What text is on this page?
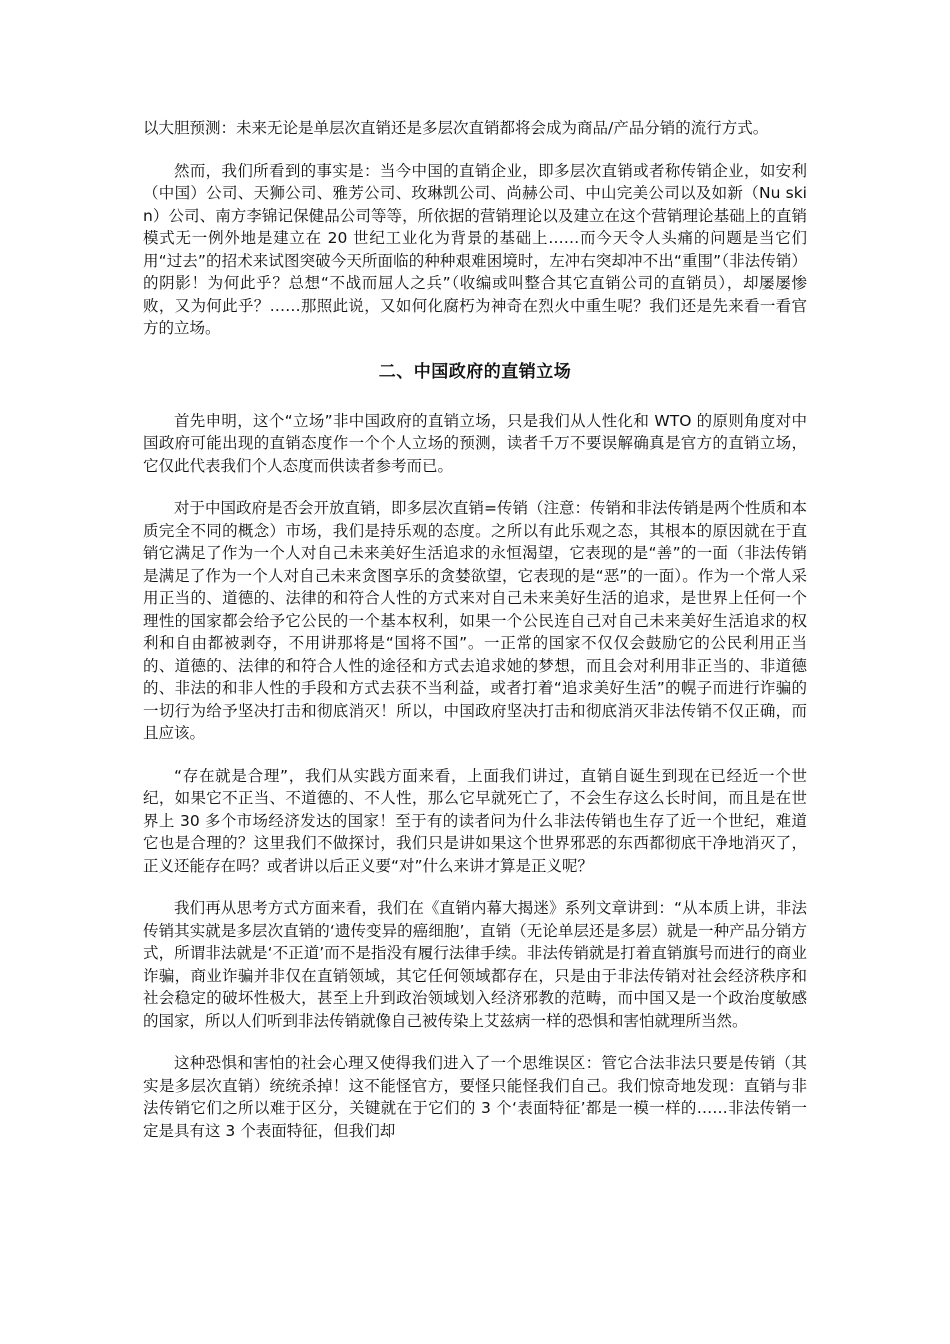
以大胆预测：未来无论是单层次直销还是多层次直销都将会成为商品/产品分销的流行方式。

然而，我们所看到的事实是：当今中国的直销企业，即多层次直销或者称传销企业，如安利（中国）公司、天狮公司、雅芳公司、玫琳凯公司、尚赫公司、中山完美公司以及如新（Nu skin）公司、南方李锦记保健品公司等等，所依据的营销理论以及建立在这个营销理论基础上的直销模式无一例外地是建立在 20 世纪工业化为背景的基础上……而今天令人头痛的问题是当它们用“过去”的招术来试图突破今天所面临的种种艰难困境时，左冲右突却冲不出“重围”（非法传销）的阴影！为何此乎？总想“不战而屈人之兵”（收编或叫整合其它直销公司的直销员），却屡屡惨败，又为何此乎？……那照此说，又如何化腐朽为神奇在烈火中重生呢？我们还是先来看一看官方的立场。

二、中国政府的直销立场

首先申明，这个“立场”非中国政府的直销立场，只是我们从人性化和 WTO 的原则角度对中国政府可能出现的直销态度作一个个人立场的预测，读者千万不要误解确真是官方的直销立场，它仅此代表我们个人态度而供读者参考而已。

对于中国政府是否会开放直销，即多层次直销=传销（注意：传销和非法传销是两个性质和本质完全不同的概念）市场，我们是持乐观的态度。之所以有此乐观之态，其根本的原因就在于直销它满足了作为一个人对自己未来美好生活追求的永恒渴望，它表现的是“善”的一面（非法传销是满足了作为一个人对自己未来贪图享乐的贪婪欲望，它表现的是“恶”的一面）。作为一个常人采用正当的、道德的、法律的和符合人性的方式来对自己未来美好生活的追求，是世界上任何一个理性的国家都会给予它公民的一个基本权利，如果一个公民连自己对自己未来美好生活追求的权利和自由都被剥夺，不用讲那将是“国将不国”。一正常的国家不仅仅会鼓励它的公民利用正当的、道德的、法律的和符合人性的途径和方式去追求她的梦想，而且会对利用非正当的、非道德的、非法的和非人性的手段和方式去获不当利益，或者打着“追求美好生活”的幌子而进行诈骗的一切行为给予坚决打击和彻底消灭！所以，中国政府坚决打击和彻底消灭非法传销不仅正确，而且应该。

“存在就是合理”，我们从实践方面来看，上面我们讲过，直销自诞生到现在已经近一个世纪，如果它不正当、不道德的、不人性，那么它早就死亡了，不会生存这么长时间，而且是在世界上 30 多个市场经济发达的国家！至于有的读者问为什么非法传销也生存了近一个世纪，难道它也是合理的？这里我们不做探讨，我们只是讲如果这个世界邪恶的东西都彻底干净地消灭了，正义还能存在吗？或者讲以后正义要“对”什么来讲才算是正义呢？

我们再从思考方式方面来看，我们在《直销内幕大揭迷》系列文章讲到：“从本质上讲，非法传销其实就是多层次直销的‘遗传变异的癌细胞’，直销（无论单层还是多层）就是一种产品分销方式，所谓非法就是‘不正道’而不是指没有履行法律手续。非法传销就是打着直销旗号而进行的商业诈骗，商业诈骗并非仅在直销领域，其它任何领域都存在，只是由于非法传销对社会经济秩序和社会稳定的破坏性极大，甚至上升到政治领域划入经济邪教的范畴，而中国又是一个政治度敏感的国家，所以人们听到非法传销就像自己被传染上艾兹病一样的恐惧和害怕就理所当然。

这种恐惧和害怕的社会心理又使得我们进入了一个思维误区：管它合法非法只要是传销（其实是多层次直销）统统杀掉！这不能怪官方，要怪只能怪我们自己。我们惊奇地发现：直销与非法传销它们之所以难于区分，关键就在于它们的 3 个‘表面特征’都是一模一样的……非法传销一定是具有这 3 个表面特征，但我们却
